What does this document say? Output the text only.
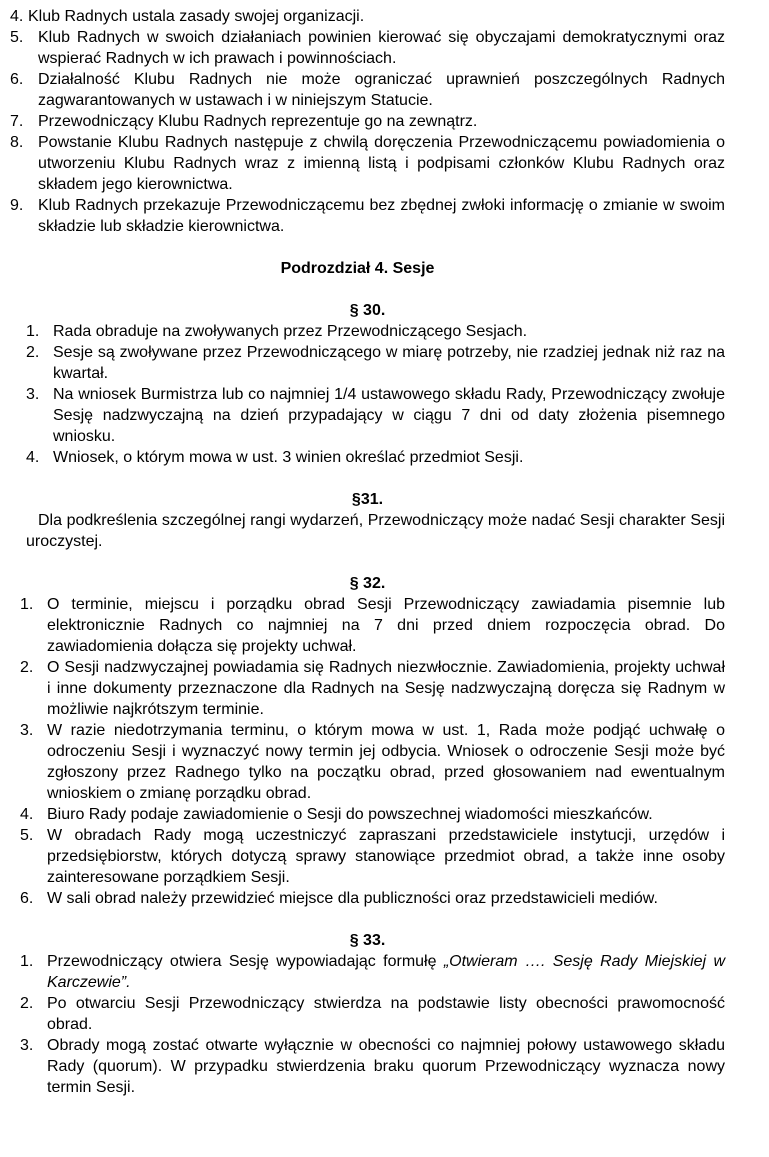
4. Klub Radnych ustala zasady swojej organizacji.
5. Klub Radnych w swoich działaniach powinien kierować się obyczajami demokratycznymi oraz wspierać Radnych w ich prawach i powinnościach.
6. Działalność Klubu Radnych nie może ograniczać uprawnień poszczególnych Radnych zagwarantowanych w ustawach i w niniejszym Statucie.
7. Przewodniczący Klubu Radnych reprezentuje go na zewnątrz.
8. Powstanie Klubu Radnych następuje z chwilą doręczenia Przewodniczącemu powiadomienia o utworzeniu Klubu Radnych wraz z imienną listą i podpisami członków Klubu Radnych oraz składem jego kierownictwa.
9. Klub Radnych przekazuje Przewodniczącemu bez zbędnej zwłoki informację o zmianie w swoim składzie lub składzie kierownictwa.

Podrozdział 4. Sesje

§ 30.

1. Rada obraduje na zwoływanych przez Przewodniczącego Sesjach.
2. Sesje są zwoływane przez Przewodniczącego w miarę potrzeby, nie rzadziej jednak niż raz na kwartał.
3. Na wniosek Burmistrza lub co najmniej 1/4 ustawowego składu Rady, Przewodniczący zwołuje Sesję nadzwyczajną na dzień przypadający w ciągu 7 dni od daty złożenia pisemnego wniosku.
4. Wniosek, o którym mowa w ust. 3 winien określać przedmiot Sesji.

§31.

Dla podkreślenia szczególnej rangi wydarzeń, Przewodniczący może nadać Sesji charakter Sesji uroczystej.

§ 32.

1. O terminie, miejscu i porządku obrad Sesji Przewodniczący zawiadamia pisemnie lub elektronicznie Radnych co najmniej na 7 dni przed dniem rozpoczęcia obrad. Do zawiadomienia dołącza się projekty uchwał.
2. O Sesji nadzwyczajnej powiadamia się Radnych niezwłocznie. Zawiadomienia, projekty uchwał i inne dokumenty przeznaczone dla Radnych na Sesję nadzwyczajną doręcza się Radnym w możliwie najkrótszym terminie.
3. W razie niedotrzymania terminu, o którym mowa w ust. 1, Rada może podjąć uchwałę o odroczeniu Sesji i wyznaczyć nowy termin jej odbycia. Wniosek o odroczenie Sesji może być zgłoszony przez Radnego tylko na początku obrad, przed głosowaniem nad ewentualnym wnioskiem o zmianę porządku obrad.
4. Biuro Rady podaje zawiadomienie o Sesji do powszechnej wiadomości mieszkańców.
5. W obradach Rady mogą uczestniczyć zapraszani przedstawiciele instytucji, urzędów i przedsiębiorstw, których dotyczą sprawy stanowiące przedmiot obrad, a także inne osoby zainteresowane porządkiem Sesji.
6. W sali obrad należy przewidzieć miejsce dla publiczności oraz przedstawicieli mediów.

§ 33.

1. Przewodniczący otwiera Sesję wypowiadając formułę „Otwieram …. Sesję Rady Miejskiej w Karczewie”.
2. Po otwarciu Sesji Przewodniczący stwierdza na podstawie listy obecności prawomocność obrad.
3. Obrady mogą zostać otwarte wyłącznie w obecności co najmniej połowy ustawowego składu Rady (quorum). W przypadku stwierdzenia braku quorum Przewodniczący wyznacza nowy termin Sesji.
